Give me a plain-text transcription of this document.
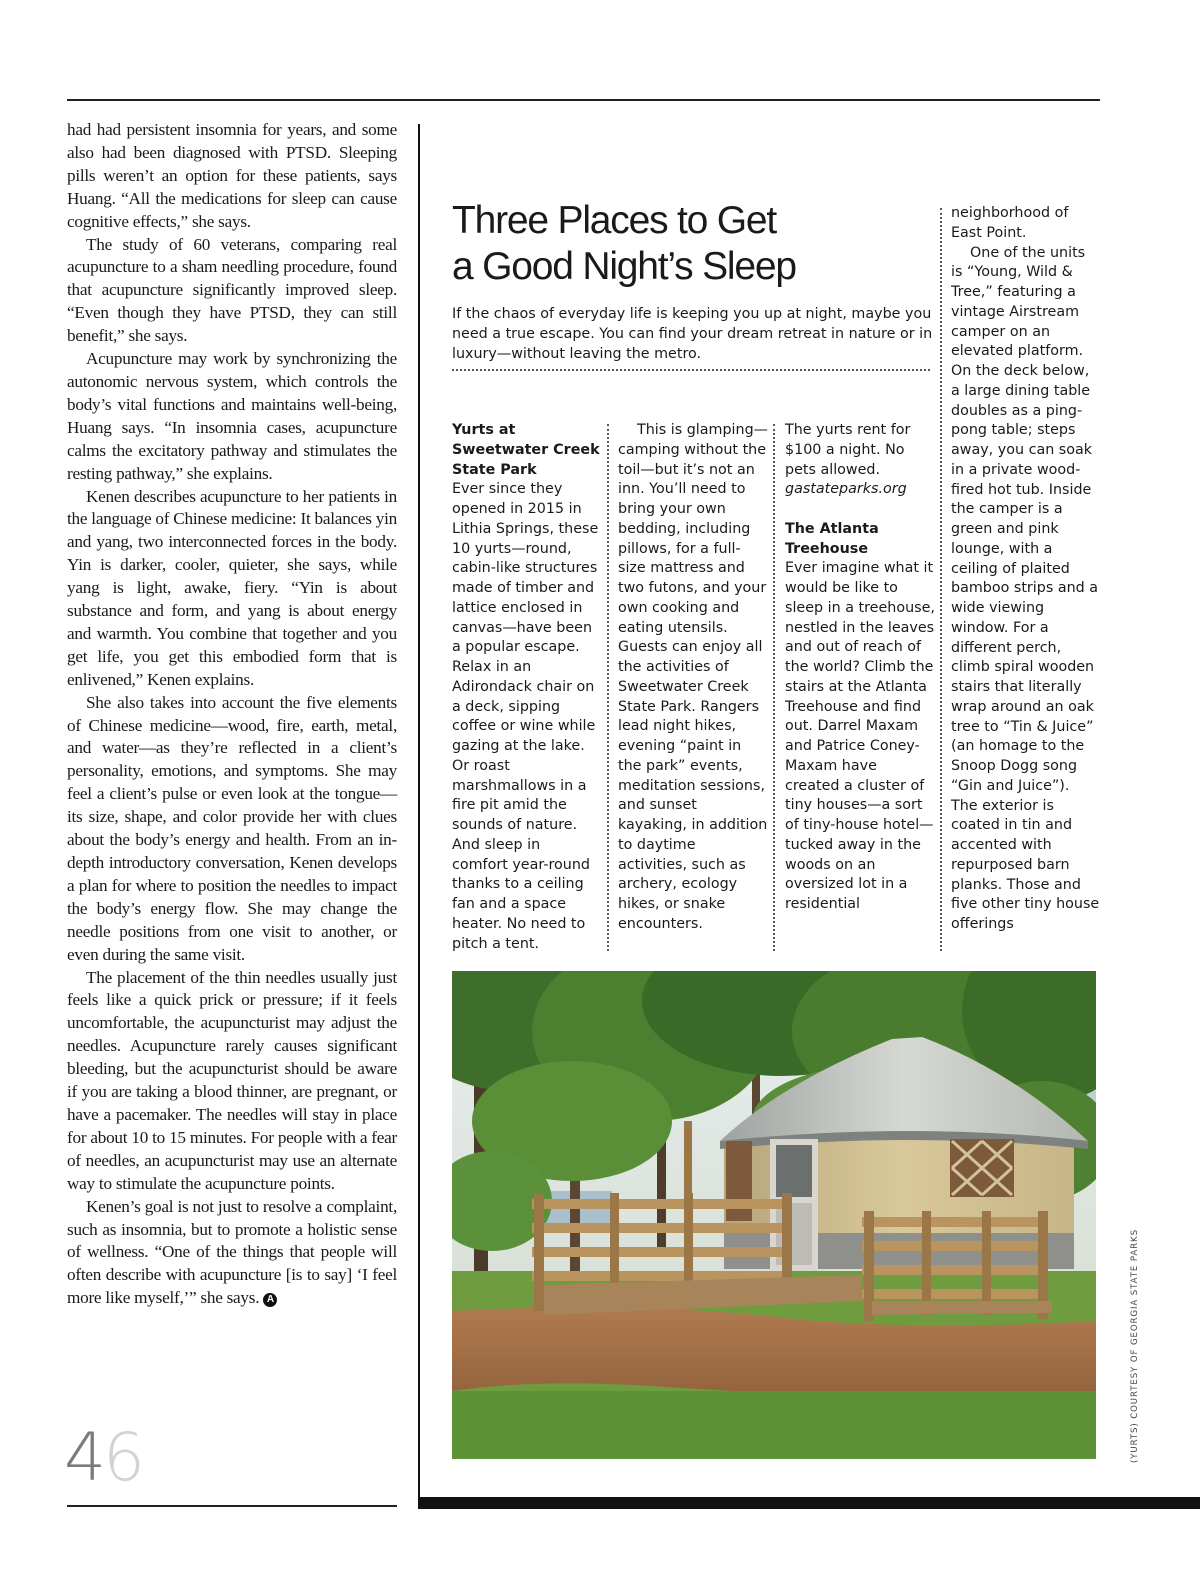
had had persistent insomnia for years, and some also had been diagnosed with PTSD. Sleeping pills weren’t an option for these patients, says Huang. “All the medications for sleep can cause cognitive effects,” she says.

The study of 60 veterans, comparing real acupuncture to a sham needling procedure, found that acupuncture significantly improved sleep. “Even though they have PTSD, they can still benefit,” she says.

Acupuncture may work by synchronizing the autonomic nervous system, which controls the body’s vital functions and maintains well-being, Huang says. “In insomnia cases, acupuncture calms the excitatory pathway and stimulates the resting pathway,” she explains.

Kenen describes acupuncture to her patients in the language of Chinese medicine: It balances yin and yang, two interconnected forces in the body. Yin is darker, cooler, quieter, she says, while yang is light, awake, fiery. “Yin is about substance and form, and yang is about energy and warmth. You combine that together and you get life, you get this embodied form that is enlivened,” Kenen explains.

She also takes into account the five elements of Chinese medicine—wood, fire, earth, metal, and water—as they’re reflected in a client’s personality, emotions, and symptoms. She may feel a client’s pulse or even look at the tongue—its size, shape, and color provide her with clues about the body’s energy and health. From an in-depth introductory conversation, Kenen develops a plan for where to position the needles to impact the body’s energy flow. She may change the needle positions from one visit to another, or even during the same visit.

The placement of the thin needles usually just feels like a quick prick or pressure; if it feels uncomfortable, the acupuncturist may adjust the needles. Acupuncture rarely causes significant bleeding, but the acupuncturist should be aware if you are taking a blood thinner, are pregnant, or have a pacemaker. The needles will stay in place for about 10 to 15 minutes. For people with a fear of needles, an acupuncturist may use an alternate way to stimulate the acupuncture points.

Kenen’s goal is not just to resolve a complaint, such as insomnia, but to promote a holistic sense of wellness. “One of the things that people will often describe with acupuncture [is to say] ‘I feel more like myself,’” she says. A

46
Three Places to Get
a Good Night’s Sleep

If the chaos of everyday life is keeping you up at night, maybe you need a true escape. You can find your dream retreat in nature or in luxury—without leaving the metro.

Yurts at Sweetwater Creek State Park

Ever since they opened in 2015 in Lithia Springs, these 10 yurts—round, cabin-like structures made of timber and lattice enclosed in canvas—have been a popular escape. Relax in an Adirondack chair on a deck, sipping coffee or wine while gazing at the lake. Or roast marshmallows in a fire pit amid the sounds of nature. And sleep in comfort year-round thanks to a ceiling fan and a space heater. No need to pitch a tent.

This is glamping—camping without the toil—but it’s not an inn. You’ll need to bring your own bedding, including pillows, for a full-size mattress and two futons, and your own cooking and eating utensils. Guests can enjoy all the activities of Sweetwater Creek State Park. Rangers lead night hikes, evening “paint in the park” events, meditation sessions, and sunset kayaking, in addition to daytime activities, such as archery, ecology hikes, or snake encounters.

The yurts rent for $100 a night. No pets allowed.

gastateparks.org

The Atlanta Treehouse

Ever imagine what it would be like to sleep in a treehouse, nestled in the leaves and out of reach of the world? Climb the stairs at the Atlanta Treehouse and find out. Darrel Maxam and Patrice Coney-Maxam have created a cluster of tiny houses—a sort of tiny-house hotel—tucked away in the woods on an oversized lot in a residential

neighborhood of East Point.

One of the units is “Young, Wild & Tree,” featuring a vintage Airstream camper on an elevated platform. On the deck below, a large dining table doubles as a ping-pong table; steps away, you can soak in a private wood-fired hot tub. Inside the camper is a green and pink lounge, with a ceiling of plaited bamboo strips and a wide viewing window. For a different perch, climb spiral wooden stairs that literally wrap around an oak tree to “Tin & Juice” (an homage to the Snoop Dogg song “Gin and Juice”). The exterior is coated in tin and accented with repurposed barn planks. Those and five other tiny house offerings

(YURTS) COURTESY OF GEORGIA STATE PARKS
